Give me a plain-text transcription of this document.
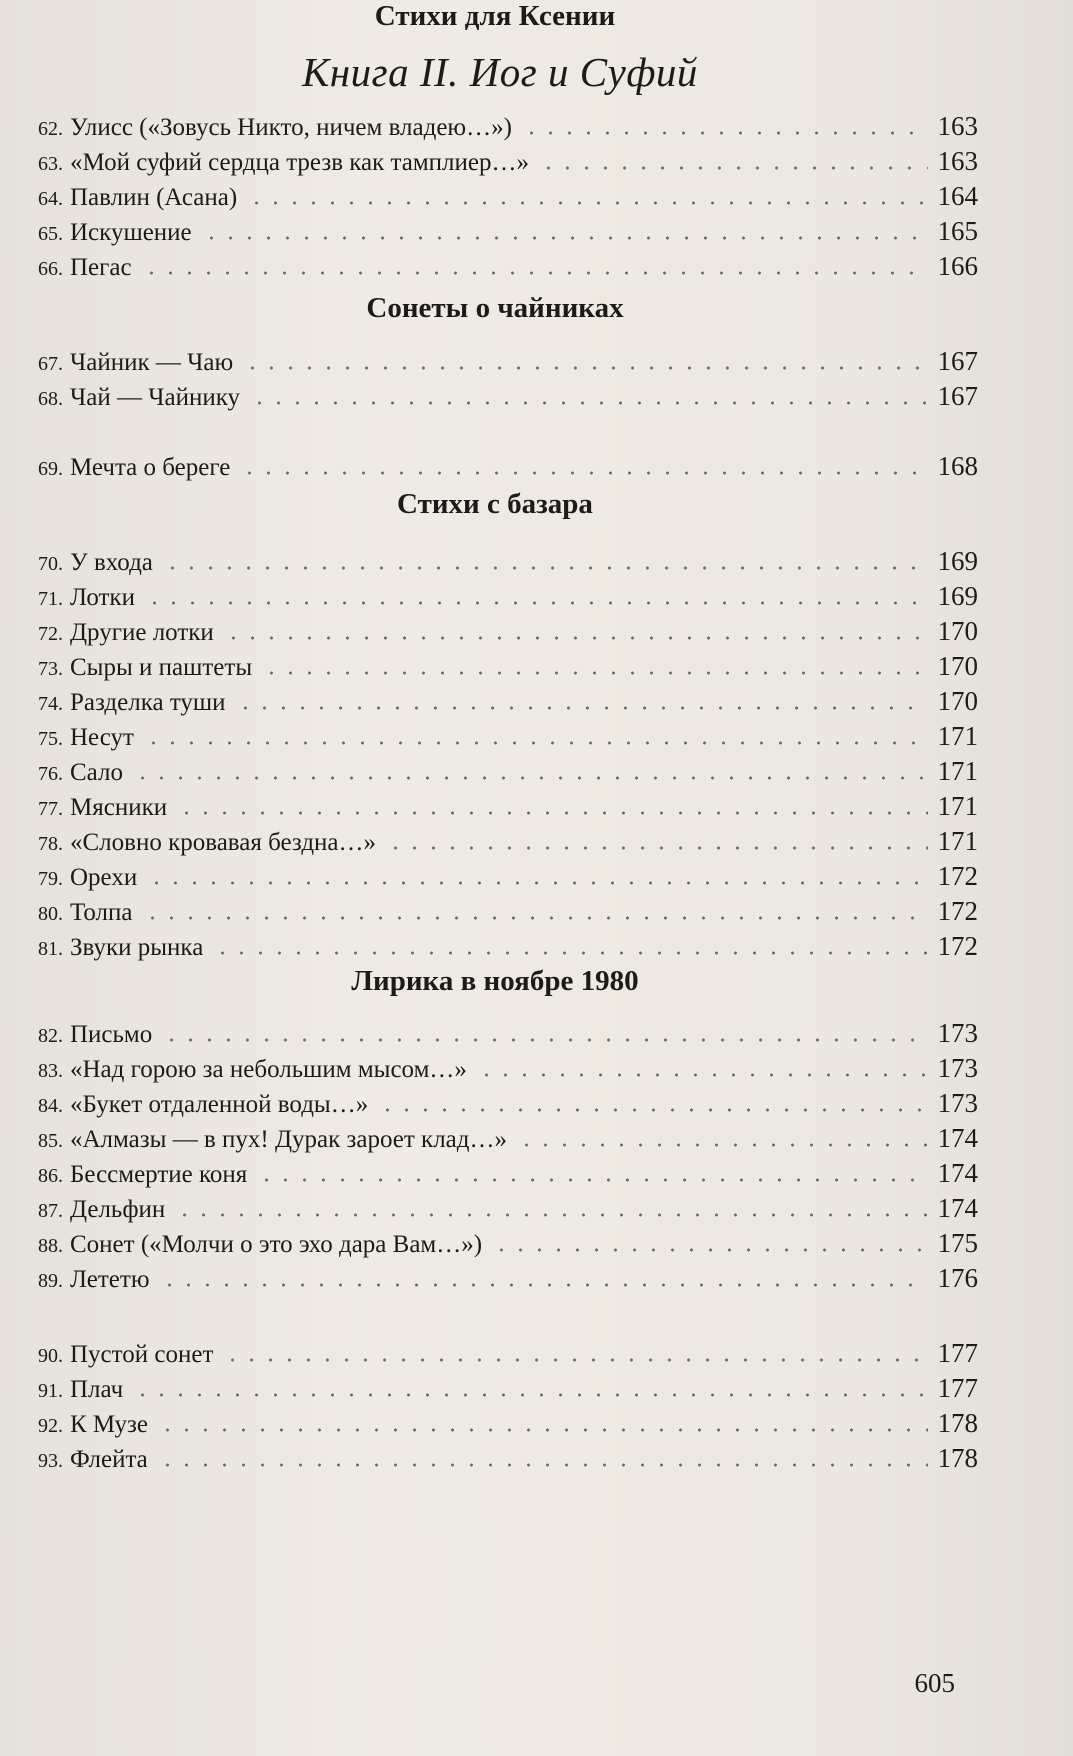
Книга II. Иог и Суфий
62. Улисс («Зовусь Никто, ничем владею…»)	163
63. «Мой суфий сердца трезв как тамплиер…»	163
64. Павлин (Асана)	164
65. Искушение	165
66. Пегас	166
Сонеты о чайниках
67. Чайник — Чаю	167
68. Чай — Чайнику	167
69. Мечта о береге	168
Стихи с базара
70. У входа	169
71. Лотки	169
72. Другие лотки	170
73. Сыры и паштеты	170
74. Разделка туши	170
75. Несут	171
76. Сало	171
77. Мясники	171
78. «Словно кровавая бездна…»	171
79. Орехи	172
80. Толпа	172
81. Звуки рынка	172
Стихи для Ксении
82. Письмо	173
83. «Над горою за небольшим мысом…»	173
84. «Букет отдаленной воды…»	173
85. «Алмазы — в пух! Дурак зароет клад…»	174
86. Бессмертие коня	174
87. Дельфин	174
88. Сонет («Молчи о это эхо дара Вам…»)	175
89. Лететю	176
Лирика в ноябре 1980
90. Пустой сонет	177
91. Плач	177
92. К Музе	178
93. Флейта	178
605
